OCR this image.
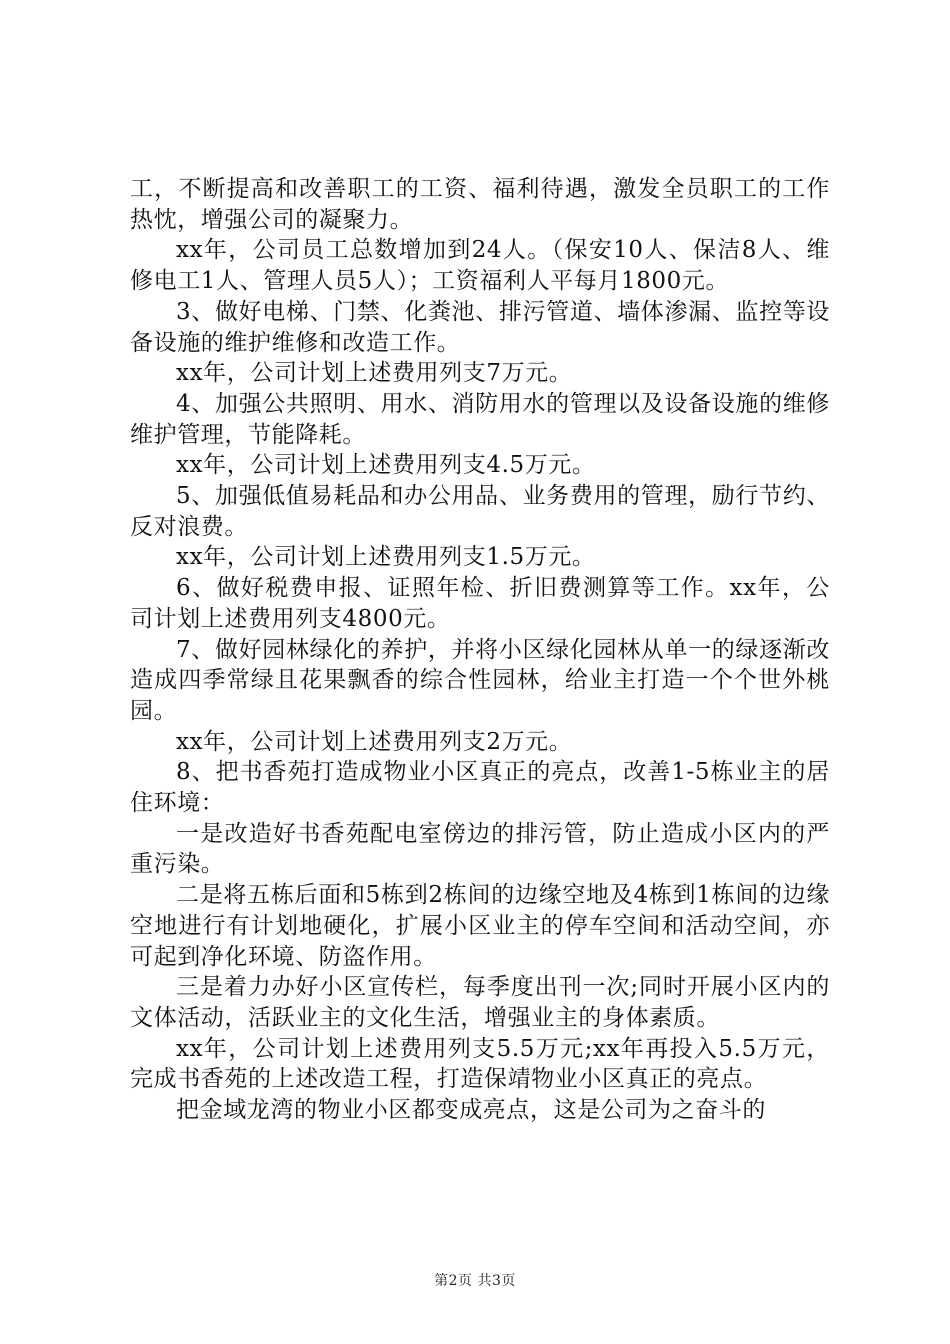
工，不断提高和改善职工的工资、福利待遇，激发全员职工的工作热忱，增强公司的凝聚力。

xx年，公司员工总数增加到24人。（保安10人、保洁8人、维修电工1人、管理人员5人）；工资福利人平每月1800元。

3、做好电梯、门禁、化粪池、排污管道、墙体渗漏、监控等设备设施的维护维修和改造工作。

xx年，公司计划上述费用列支7万元。

4、加强公共照明、用水、消防用水的管理以及设备设施的维修维护管理，节能降耗。

xx年，公司计划上述费用列支4.5万元。

5、加强低值易耗品和办公用品、业务费用的管理，励行节约、反对浪费。

xx年，公司计划上述费用列支1.5万元。

6、做好税费申报、证照年检、折旧费测算等工作。xx年，公司计划上述费用列支4800元。

7、做好园林绿化的养护，并将小区绿化园林从单一的绿逐渐改造成四季常绿且花果飘香的综合性园林，给业主打造一个个世外桃园。

xx年，公司计划上述费用列支2万元。

8、把书香苑打造成物业小区真正的亮点，改善1-5栋业主的居住环境：

一是改造好书香苑配电室傍边的排污管，防止造成小区内的严重污染。

二是将五栋后面和5栋到2栋间的边缘空地及4栋到1栋间的边缘空地进行有计划地硬化，扩展小区业主的停车空间和活动空间，亦可起到净化环境、防盗作用。

三是着力办好小区宣传栏，每季度出刊一次;同时开展小区内的文体活动，活跃业主的文化生活，增强业主的身体素质。

xx年，公司计划上述费用列支5.5万元;xx年再投入5.5万元，完成书香苑的上述改造工程，打造保靖物业小区真正的亮点。

把金域龙湾的物业小区都变成亮点，这是公司为之奋斗的

第2页 共3页
